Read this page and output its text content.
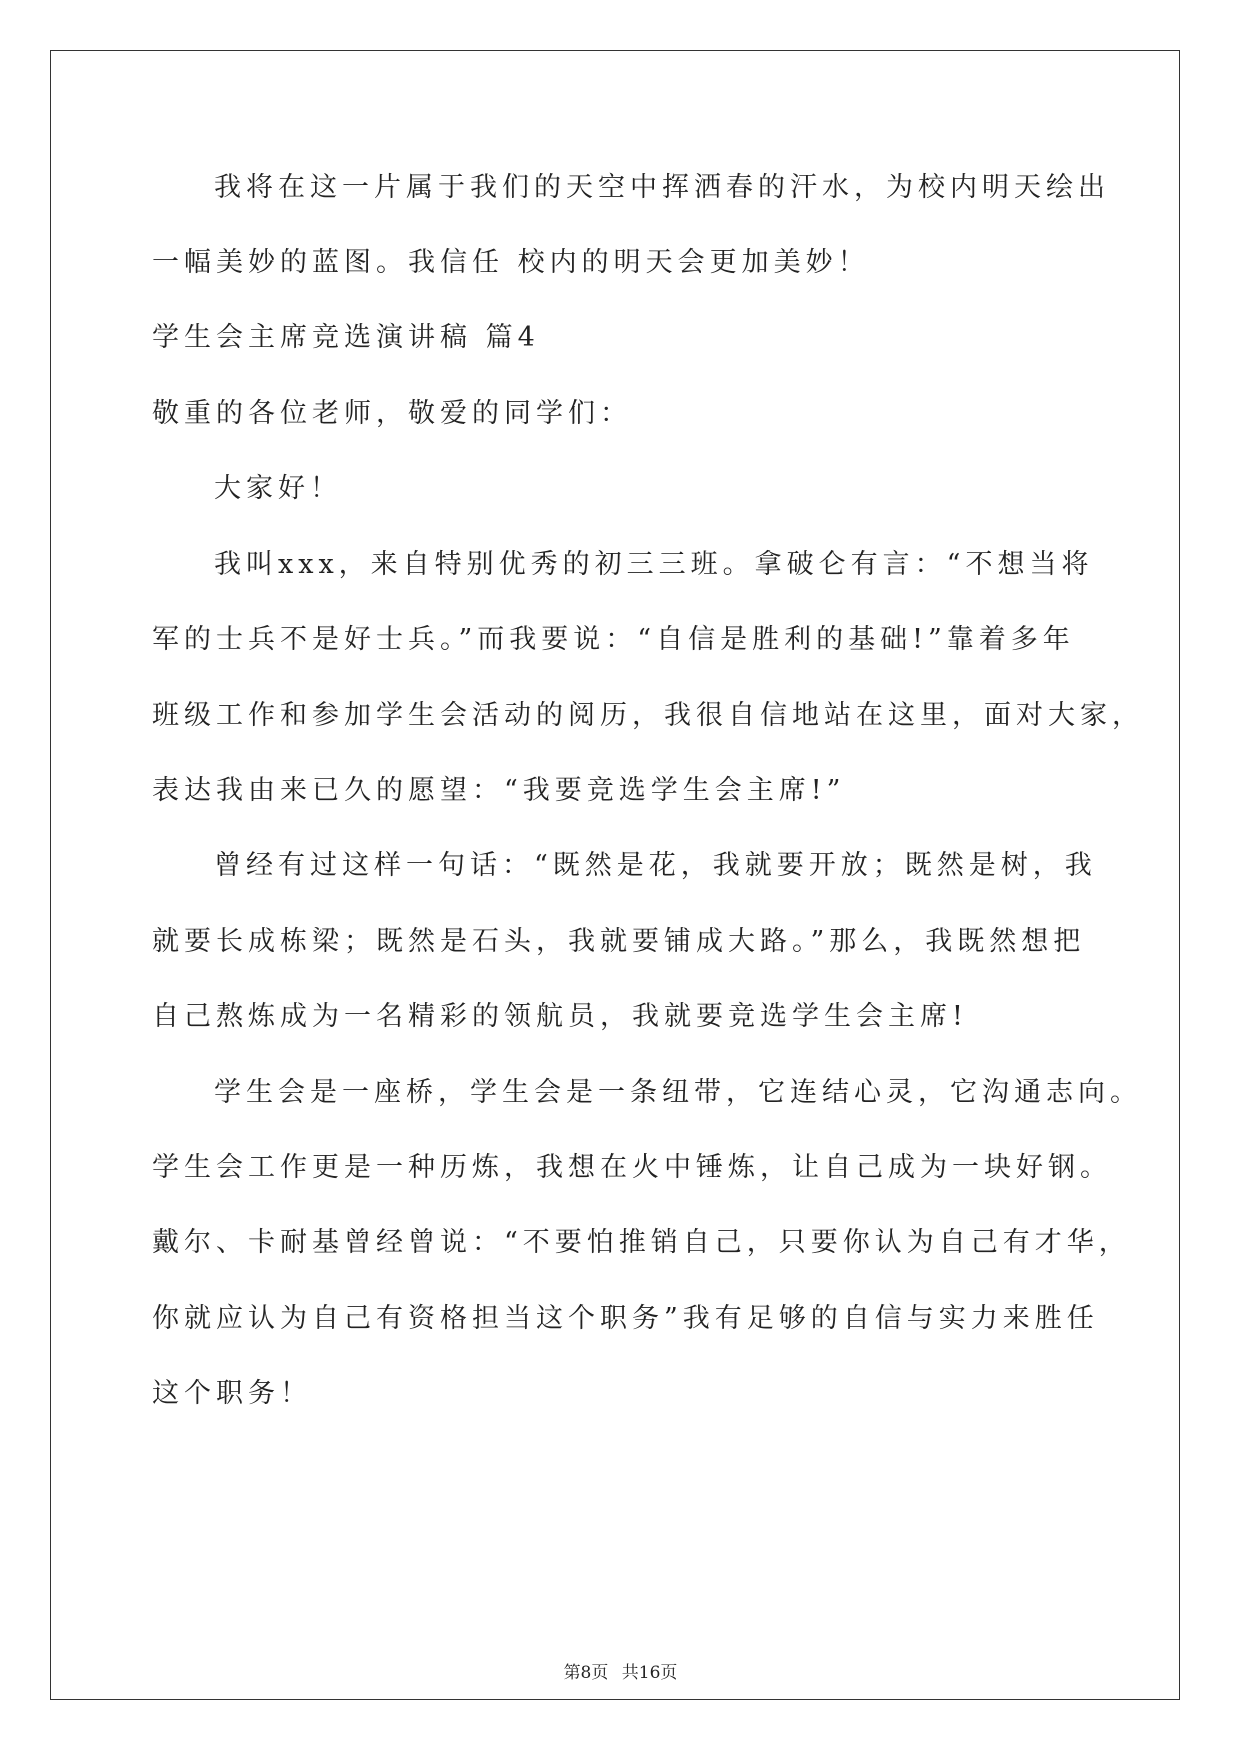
我将在这一片属于我们的天空中挥洒春的汗水，为校内明天绘出
一幅美妙的蓝图。我信任 校内的明天会更加美妙！
学生会主席竞选演讲稿 篇4
敬重的各位老师，敬爱的同学们：
大家好！
我叫xxx，来自特别优秀的初三三班。拿破仑有言：“不想当将
军的士兵不是好士兵。”而我要说：“自信是胜利的基础!”靠着多年
班级工作和参加学生会活动的阅历，我很自信地站在这里，面对大家，
表达我由来已久的愿望：“我要竞选学生会主席!”
曾经有过这样一句话：“既然是花，我就要开放；既然是树，我
就要长成栋梁；既然是石头，我就要铺成大路。”那么，我既然想把
自己熬炼成为一名精彩的领航员，我就要竞选学生会主席!
学生会是一座桥，学生会是一条纽带，它连结心灵，它沟通志向。
学生会工作更是一种历炼，我想在火中锤炼，让自己成为一块好钢。
戴尔、卡耐基曾经曾说：“不要怕推销自己，只要你认为自己有才华，
你就应认为自己有资格担当这个职务”我有足够的自信与实力来胜任
这个职务！
第8页 共16页
